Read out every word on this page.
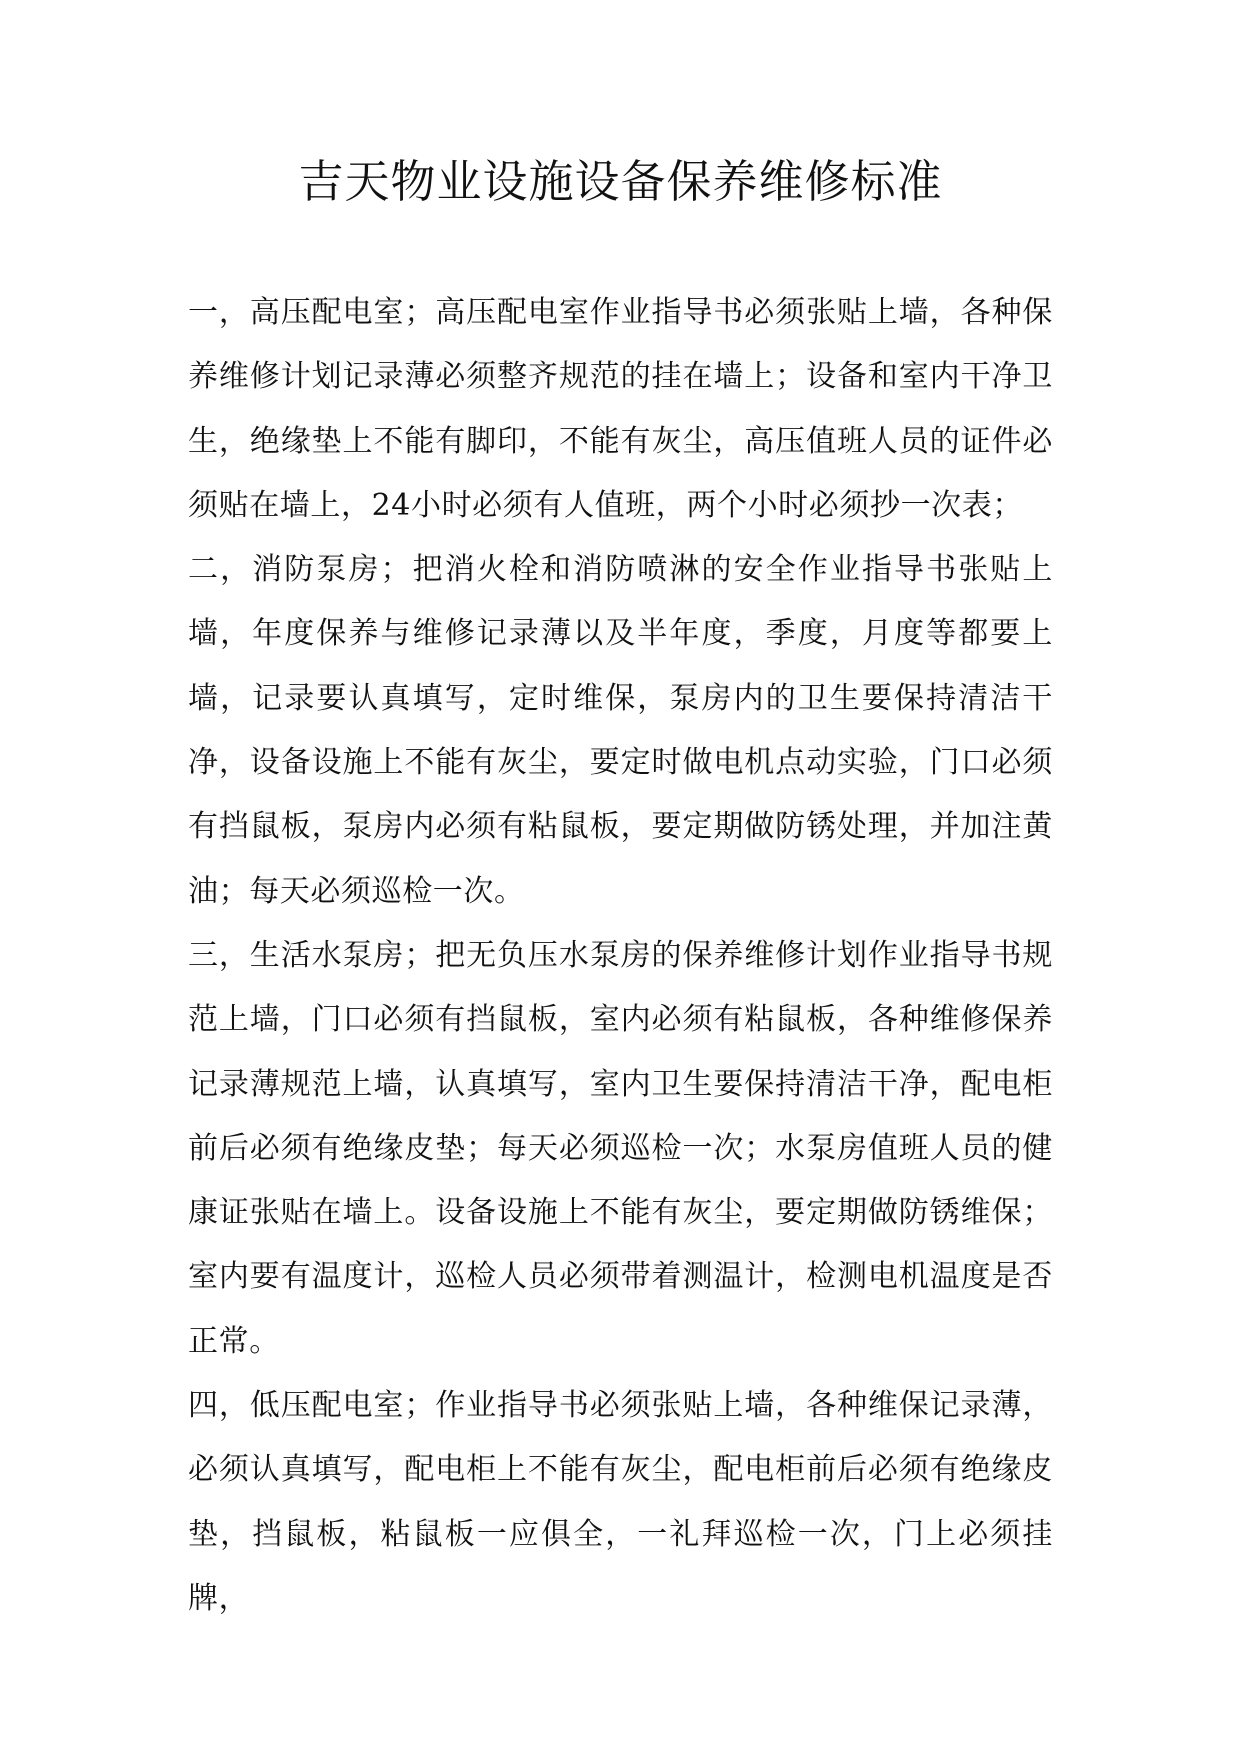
吉天物业设施设备保养维修标准

一，高压配电室；高压配电室作业指导书必须张贴上墙，各种保养维修计划记录薄必须整齐规范的挂在墙上；设备和室内干净卫生，绝缘垫上不能有脚印，不能有灰尘，高压值班人员的证件必须贴在墙上，24小时必须有人值班，两个小时必须抄一次表；

二，消防泵房；把消火栓和消防喷淋的安全作业指导书张贴上墙，年度保养与维修记录薄以及半年度，季度，月度等都要上墙，记录要认真填写，定时维保，泵房内的卫生要保持清洁干净，设备设施上不能有灰尘，要定时做电机点动实验，门口必须有挡鼠板，泵房内必须有粘鼠板，要定期做防锈处理，并加注黄油；每天必须巡检一次。

三，生活水泵房；把无负压水泵房的保养维修计划作业指导书规范上墙，门口必须有挡鼠板，室内必须有粘鼠板，各种维修保养记录薄规范上墙，认真填写，室内卫生要保持清洁干净，配电柜前后必须有绝缘皮垫；每天必须巡检一次；水泵房值班人员的健康证张贴在墙上。设备设施上不能有灰尘，要定期做防锈维保；室内要有温度计，巡检人员必须带着测温计，检测电机温度是否正常。

四，低压配电室；作业指导书必须张贴上墙，各种维保记录薄，必须认真填写，配电柜上不能有灰尘，配电柜前后必须有绝缘皮垫，挡鼠板，粘鼠板一应俱全，一礼拜巡检一次，门上必须挂牌，
